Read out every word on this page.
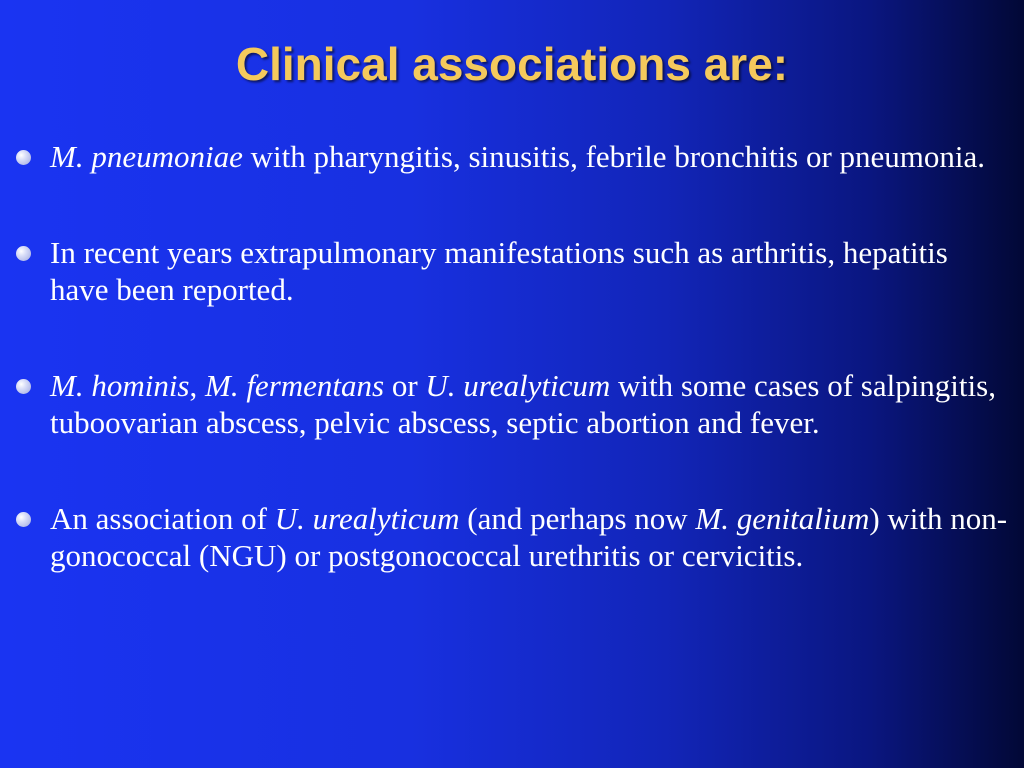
Clinical associations are:
M. pneumoniae with pharyngitis, sinusitis, febrile bronchitis or pneumonia.
In recent years extrapulmonary manifestations such as arthritis, hepatitis have been reported.
M. hominis, M. fermentans or U. urealyticum with some cases of salpingitis, tuboovarian abscess, pelvic abscess, septic abortion and fever.
An association of U. urealyticum (and perhaps now M. genitalium) with non-gonococcal (NGU) or postgonococcal urethritis or cervicitis.
